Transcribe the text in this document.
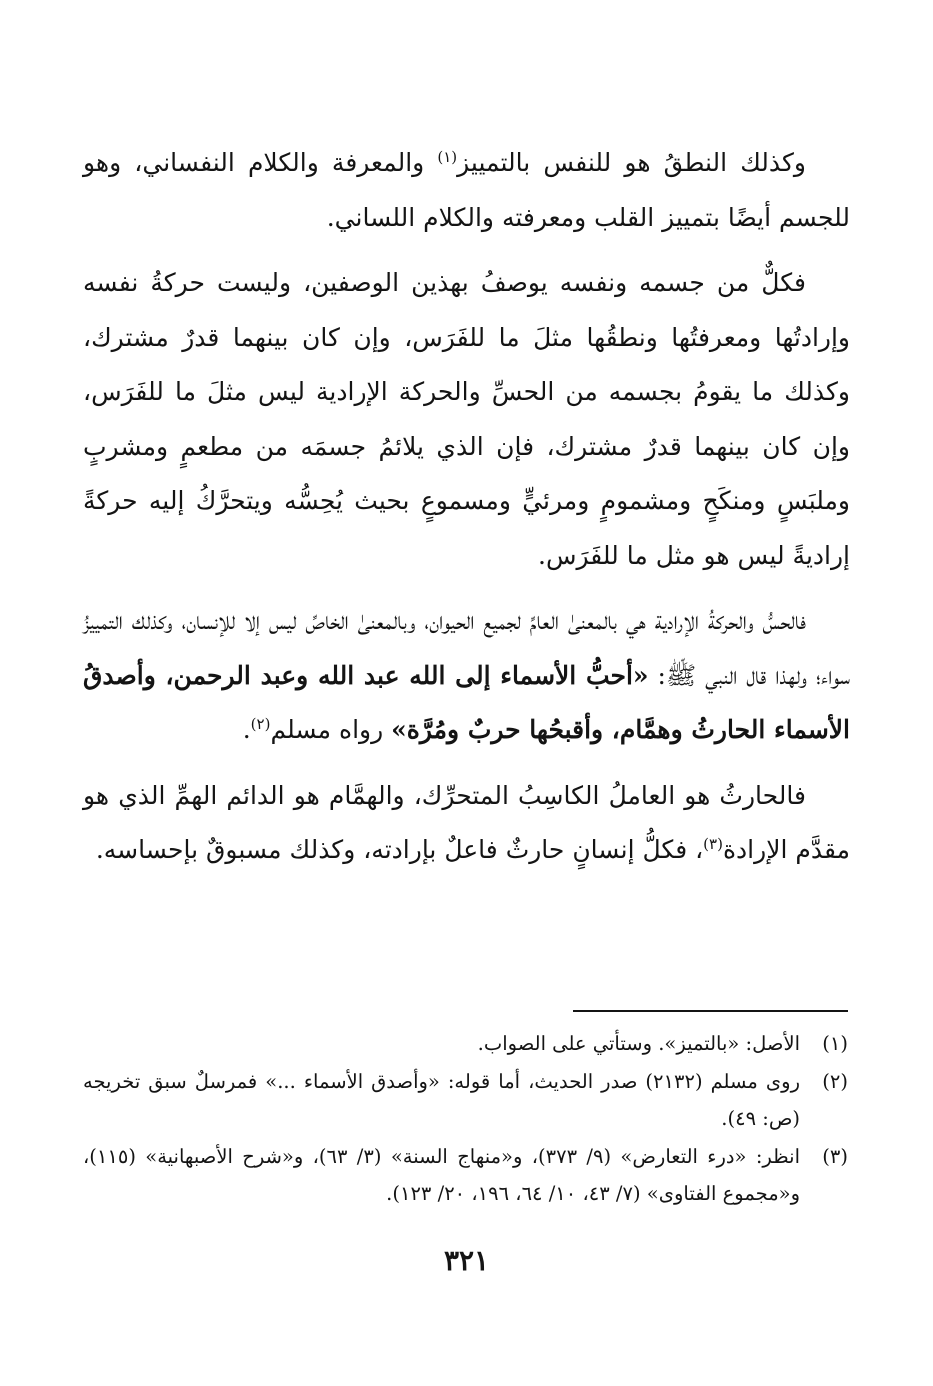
وكذلك النطقُ هو للنفس بالتمييز$^{(١)}$ والمعرفة والكلام النفساني، وهو للجسم أيضًا بتمييز القلب ومعرفته والكلام اللساني.

فكلٌّ من جسمه ونفسه يوصفُ بهذين الوصفين، وليست حركةُ نفسه وإرادتُها ومعرفتُها ونطقُها مثلَ ما للفَرَس، وإن كان بينهما قدرٌ مشترك، وكذلك ما يقومُ بجسمه من الحسِّ والحركة الإرادية ليس مثلَ ما للفَرَس، وإن كان بينهما قدرٌ مشترك، فإن الذي يلائمُ جسمَه من مطعمٍ ومشربٍ وملبَسٍ ومنكَحٍ ومشمومٍ ومرئيٍّ ومسموعٍ بحيث يُحِسُّه ويتحرَّكُ إليه حركةً إراديةً ليس هو مثل ما للفَرَس.

فالحسُّ والحركةُ الإرادية هي بالمعنىٰ العامِّ لجميع الحيوان، وبالمعنىٰ الخاصِّ ليس إلا للإنسان، وكذلك التمييزُ سواء؛ ولهذا قال النبي ﷺ: «أحبُّ الأسماء إلى الله عبد الله وعبد الرحمن، وأصدقُ الأسماء الحارثُ وهمَّام، وأقبحُها حربٌ ومُرَّة» رواه مسلم$^{(٢)}$.

فالحارثُ هو العاملُ الكاسِبُ المتحرِّك، والهمَّام هو الدائم الهمِّ الذي هو مقدَّم الإرادة$^{(٣)}$، فكلُّ إنسانٍ حارثٌ فاعلٌ بإرادته، وكذلك مسبوقٌ بإحساسه.

(١)
الأصل: «بالتميز». وستأتي على الصواب.
(٢)
روى مسلم (٢١٣٢) صدر الحديث، أما قوله: «وأصدق الأسماء ...» فمرسلٌ سبق تخريجه (ص: ٤٩).
(٣)
انظر: «درء التعارض» (٩/ ٣٧٣)، و«منهاج السنة» (٣/ ٦٣)، و«شرح الأصبهانية» (١١٥)، و«مجموع الفتاوى» (٧/ ٤٣، ١٠/ ٦٤، ١٩٦، ٢٠/ ١٢٣).
٣٢١
